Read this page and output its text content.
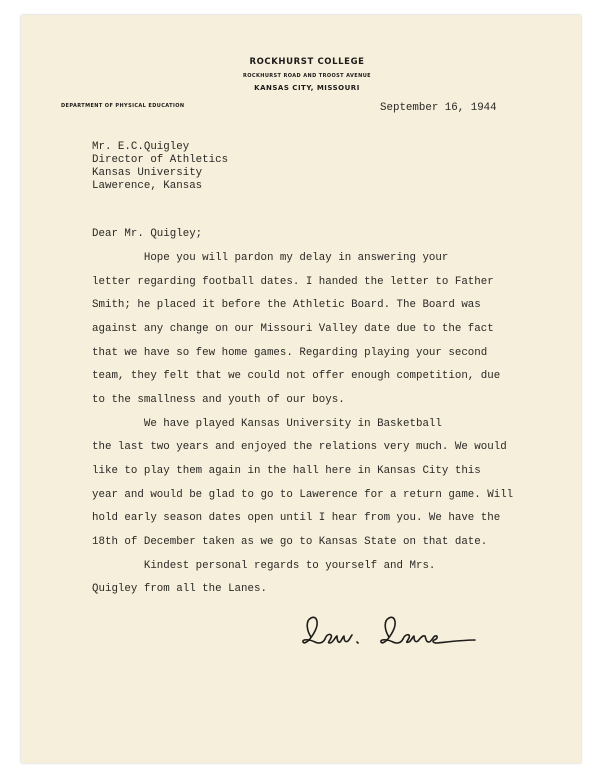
ROCKHURST COLLEGE
ROCKHURST ROAD AND TROOST AVENUE
KANSAS CITY, MISSOURI
DEPARTMENT OF PHYSICAL EDUCATION	September 16, 1944
Mr. E.C.Quigley
Director of Athletics
Kansas University
Lawerence, Kansas
Dear Mr. Quigley;
Hope you will pardon my delay in answering your
letter regarding football dates. I handed the letter to Father
Smith; he placed it before the Athletic Board. The Board was
against any change on our Missouri Valley date due to the fact
that we have so few home games. Regarding playing your second
team, they felt that we could not offer enough competition, due
to the smallness and youth of our boys.
We have played Kansas University in Basketball
the last two years and enjoyed the relations very much. We would
like to play them again in the hall here in Kansas City this
year and would be glad to go to Lawerence for a return game. Will
hold early season dates open until I hear from you. We have the
18th of December taken as we go to Kansas State on that date.
Kindest personal regards to yourself and Mrs.
Quigley from all the Lanes.
